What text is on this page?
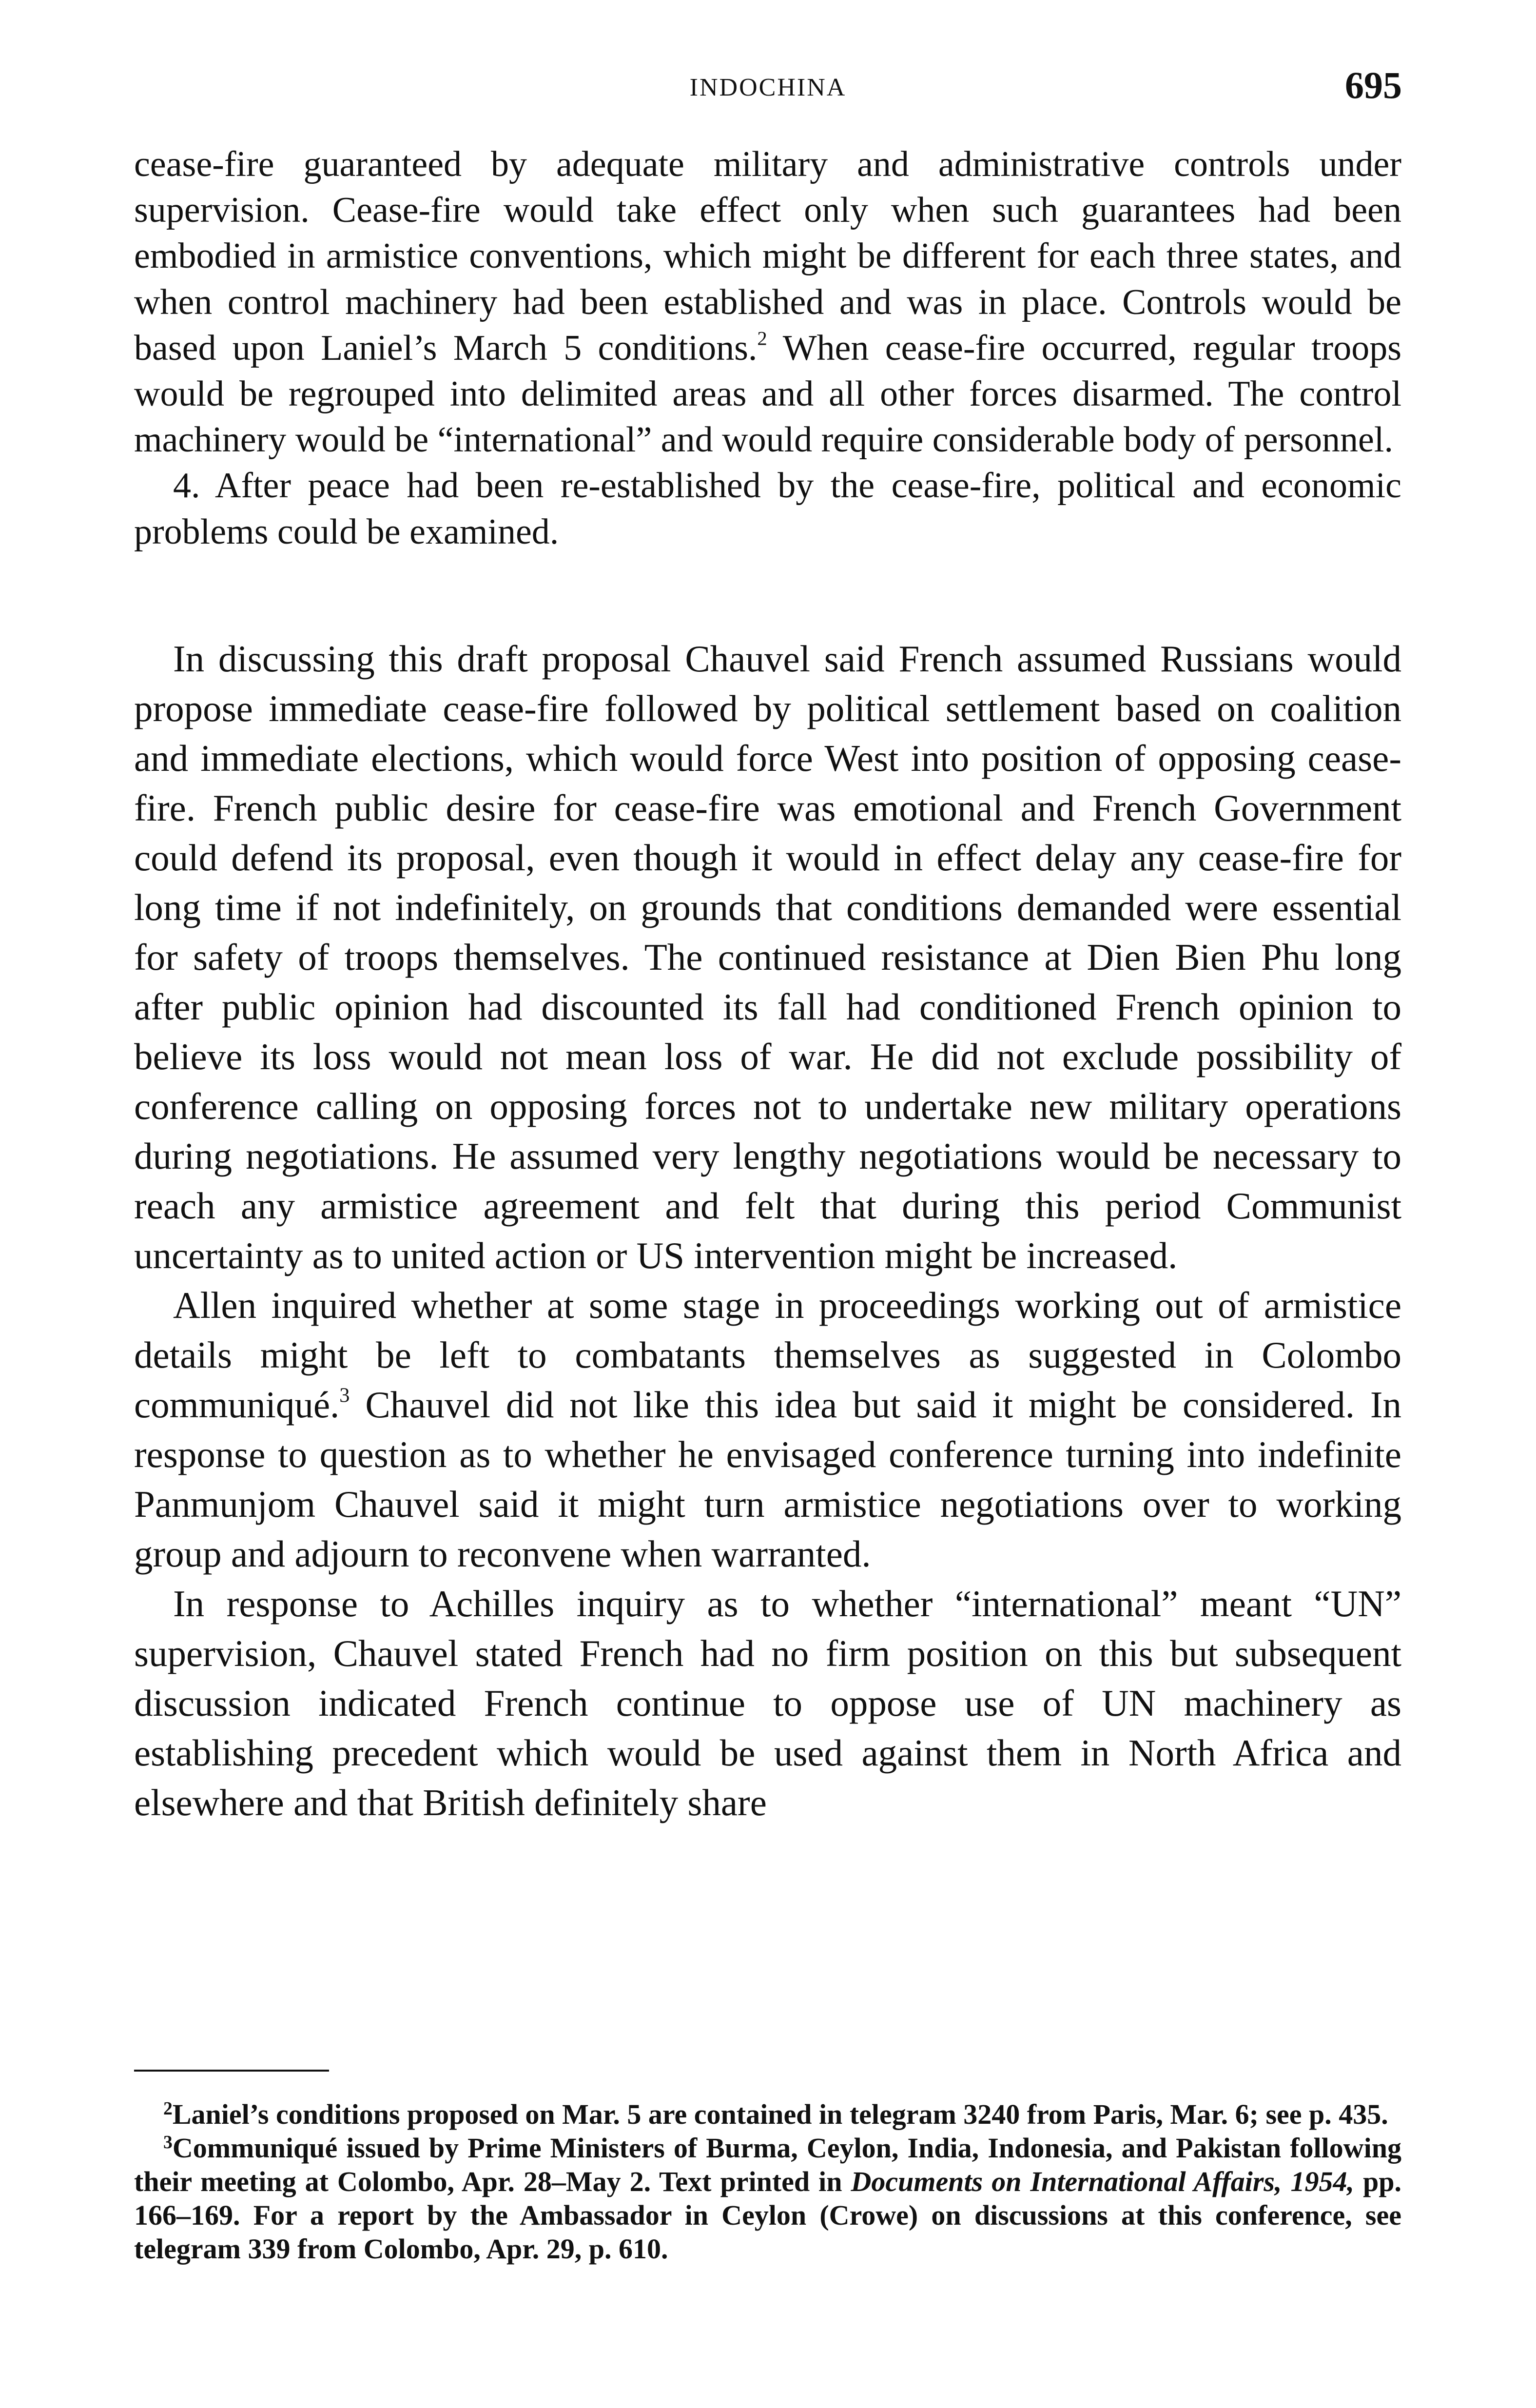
INDOCHINA	695

cease-fire guaranteed by adequate military and administrative controls under supervision. Cease-fire would take effect only when such guarantees had been embodied in armistice conventions, which might be different for each three states, and when control machinery had been established and was in place. Controls would be based upon Laniel’s March 5 conditions.$^2$ When cease-fire occurred, regular troops would be regrouped into delimited areas and all other forces disarmed. The control machinery would be “international” and would require considerable body of personnel.

4. After peace had been re-established by the cease-fire, political and economic problems could be examined.

In discussing this draft proposal Chauvel said French assumed Russians would propose immediate cease-fire followed by political settlement based on coalition and immediate elections, which would force West into position of opposing cease-fire. French public desire for cease-fire was emotional and French Government could defend its proposal, even though it would in effect delay any cease-fire for long time if not indefinitely, on grounds that conditions demanded were essential for safety of troops themselves. The continued resistance at Dien Bien Phu long after public opinion had discounted its fall had conditioned French opinion to believe its loss would not mean loss of war. He did not exclude possibility of conference calling on opposing forces not to undertake new military operations during negotiations. He assumed very lengthy negotiations would be necessary to reach any armistice agreement and felt that during this period Communist uncertainty as to united action or US intervention might be increased.

Allen inquired whether at some stage in proceedings working out of armistice details might be left to combatants themselves as suggested in Colombo communiqué.$^3$ Chauvel did not like this idea but said it might be considered. In response to question as to whether he envisaged conference turning into indefinite Panmunjom Chauvel said it might turn armistice negotiations over to working group and adjourn to reconvene when warranted.

In response to Achilles inquiry as to whether “international” meant “UN” supervision, Chauvel stated French had no firm position on this but subsequent discussion indicated French continue to oppose use of UN machinery as establishing precedent which would be used against them in North Africa and elsewhere and that British definitely share

$^2$Laniel’s conditions proposed on Mar. 5 are contained in telegram 3240 from Paris, Mar. 6; see p. 435.

$^3$Communiqué issued by Prime Ministers of Burma, Ceylon, India, Indonesia, and Pakistan following their meeting at Colombo, Apr. 28–May 2. Text printed in Documents on International Affairs, 1954, pp. 166–169. For a report by the Ambassador in Ceylon (Crowe) on discussions at this conference, see telegram 339 from Colombo, Apr. 29, p. 610.
